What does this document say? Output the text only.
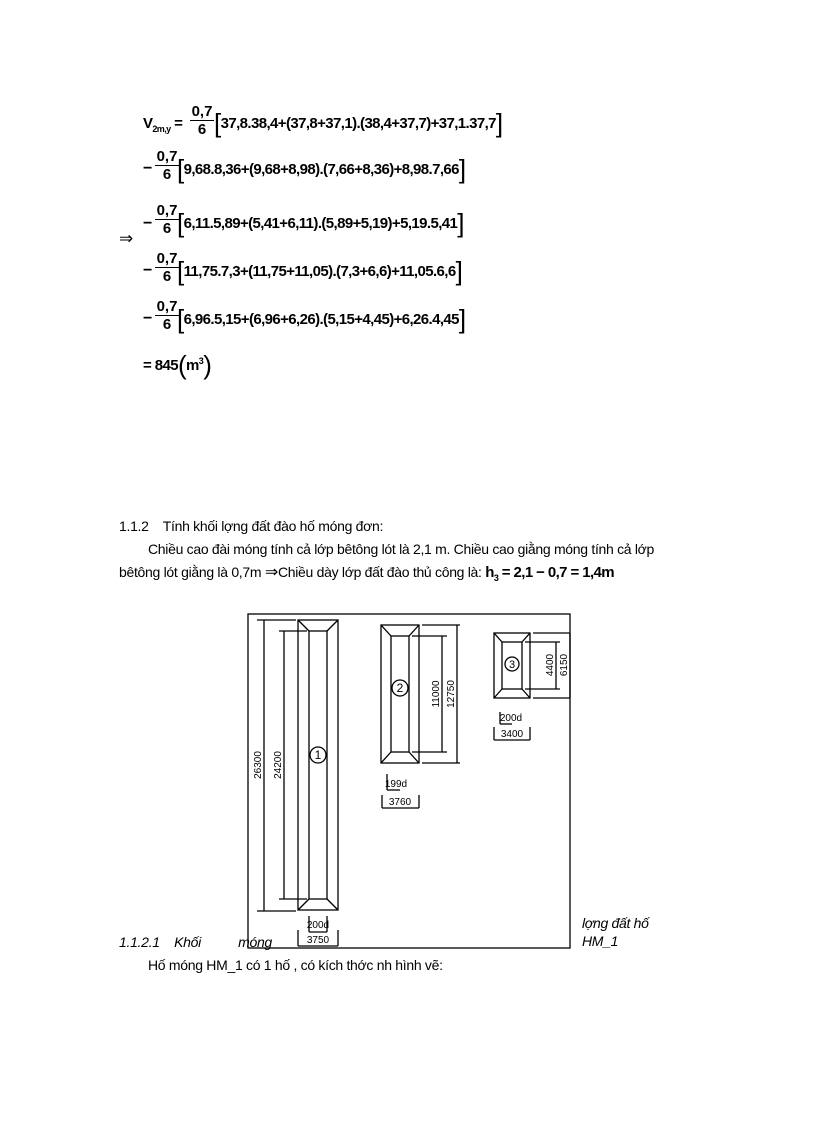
$V_{2m,y} = \frac{0,7}{6} [37,8.38,4+(37,8+37,1).(38,4+37,7)+37,1.37,7]$
− $\frac{0,7}{6}$
[9,68.8,36+(9,68+8,98).(7,66+8,36)+8,98.7,66]
⇒
− $\frac{0,7}{6}$
[6,11.5,89+(5,41+6,11).(5,89+5,19)+5,19.5,41]
− $\frac{0,7}{6}$
[11,75.7,3+(11,75+11,05).(7,3+6,6)+11,05.6,6]
− $\frac{0,7}{6}$
[6,96.5,15+(6,96+6,26).(5,15+4,45)+6,26.4,45]
= $845(m^3)$
1.1.2 Tính khối lợng đất đào hố móng đơn:
Chiều cao đài móng tính cả lớp bêtông lót là 2,1 m. Chiều cao giằng móng tính cả lớp
bêtông lót giằng là 0,7m ⇒Chiều dày lớp đất đào thủ công là: $h_3 = 2,1 - 0,7 = 1,4m$
1
2
3
26300 24200
200d
3750
11000 12750
199d
3760
4400 6150
200d
3400
1.1.2.1 Khối	móng
lợng đất hố
HM_1
Hố móng HM_1 có 1 hố , có kích thớc nh hình vẽ:
